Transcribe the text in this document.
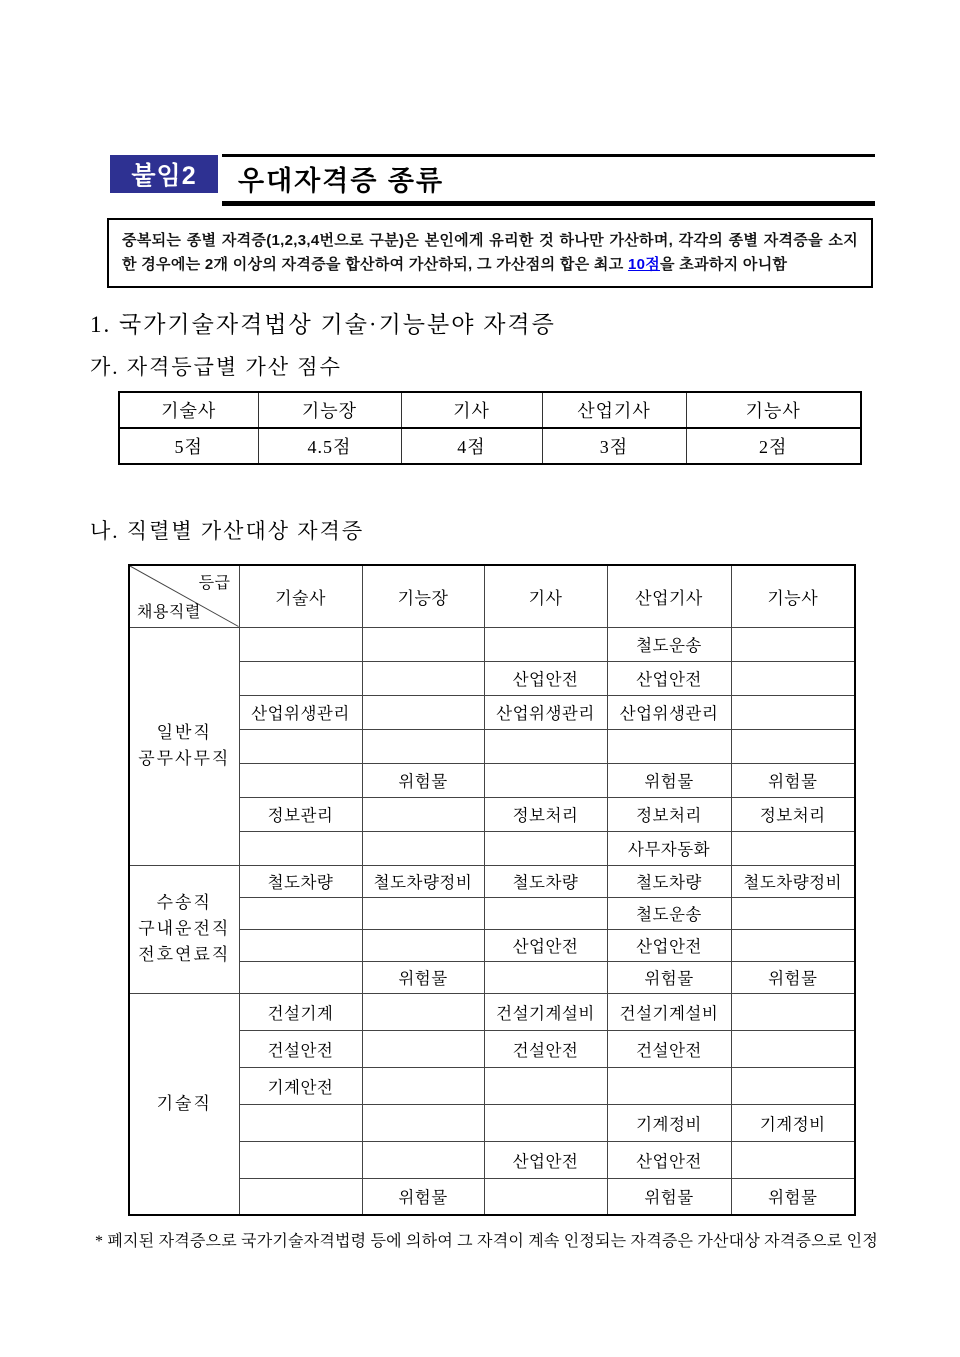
붙임2 우대자격증 종류
중복되는 종별 자격증(1,2,3,4번으로 구분)은 본인에게 유리한 것 하나만 가산하며, 각각의 종별 자격증을 소지한 경우에는 2개 이상의 자격증을 합산하여 가산하되, 그 가산점의 합은 최고 10점을 초과하지 아니함
1. 국가기술자격법상 기술·기능분야 자격증
가. 자격등급별 가산 점수
기술사	기능장	기사	산업기사	기능사
5점	4.5점	4점	3점	2점
나. 직렬별 가산대상 자격증
등급
채용직렬	기술사	기능장	기사	산업기사	기능사

일반직
공무사무직				철도운송	
			산업안전	산업안전	
	산업위생관리		산업위생관리	산업위생관리	

		위험물		위험물	위험물
	정보관리		정보처리	정보처리	정보처리
				사무자동화	

수송직
구내운전직
전호연료직	철도차량	철도차량정비	철도차량	철도차량	철도차량정비
				철도운송	
			산업안전	산업안전	
		위험물		위험물	위험물

기술직	건설기계		건설기계설비	건설기계설비	
	건설안전		건설안전	건설안전	
	기계안전				
				기계정비	기계정비
			산업안전	산업안전	
		위험물		위험물	위험물
* 폐지된 자격증으로 국가기술자격법령 등에 의하여 그 자격이 계속 인정되는 자격증은 가산대상 자격증으로 인정
